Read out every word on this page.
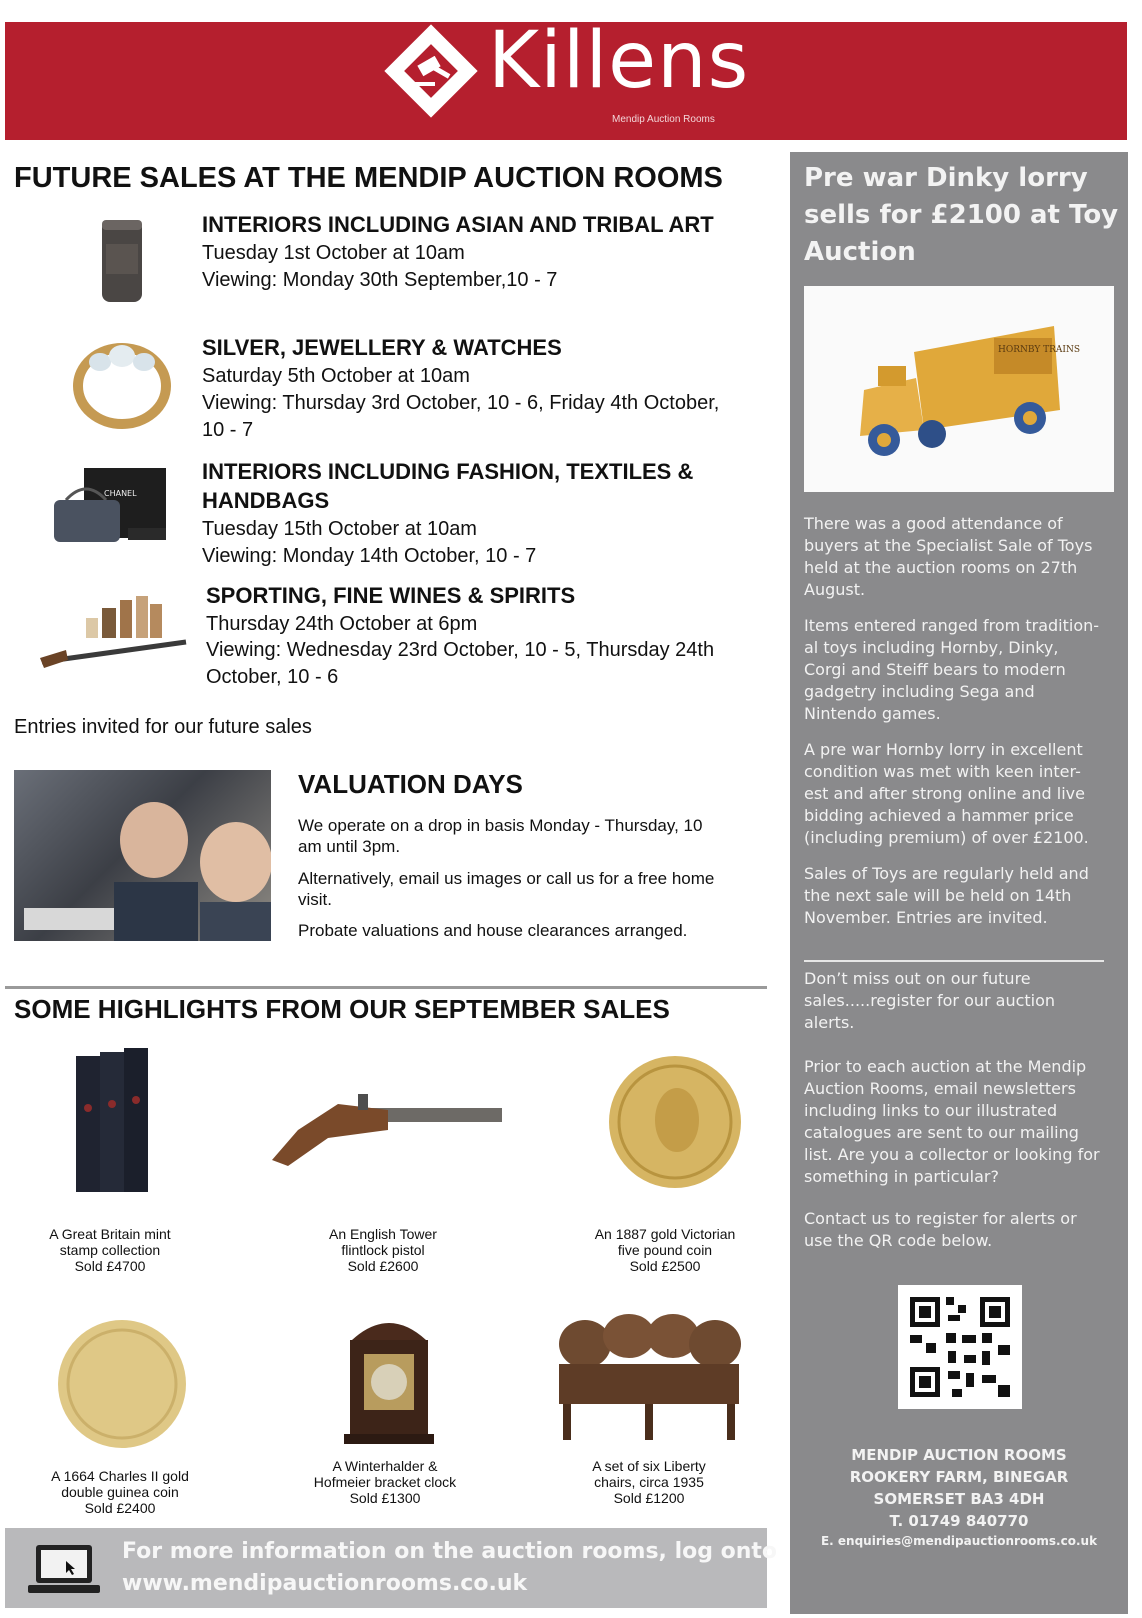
Killens
Mendip Auction Rooms
FUTURE SALES AT THE MENDIP AUCTION ROOMS
INTERIORS INCLUDING ASIAN AND TRIBAL ART
Tuesday 1st October at 10am
Viewing: Monday 30th September,10 - 7
SILVER, JEWELLERY & WATCHES
Saturday 5th October at 10am
Viewing: Thursday 3rd October, 10 - 6, Friday 4th October,
10 - 7
CHANEL
INTERIORS INCLUDING FASHION, TEXTILES &
HANDBAGS
Tuesday 15th October at 10am
Viewing: Monday 14th October, 10 - 7
SPORTING, FINE WINES & SPIRITS
Thursday 24th October at 6pm
Viewing: Wednesday 23rd October, 10 - 5, Thursday 24th
October, 10 - 6
Entries invited for our future sales
VALUATION DAYS
We operate on a drop in basis Monday - Thursday, 10
am until 3pm.
Alternatively, email us images or call us for a free home
visit.
Probate valuations and house clearances arranged.
SOME HIGHLIGHTS FROM OUR SEPTEMBER SALES
A Great Britain mint
stamp collection
Sold £4700
An English Tower
flintlock pistol
Sold £2600
An 1887 gold Victorian
five pound coin
Sold £2500
A 1664 Charles II gold
double guinea coin
Sold £2400
A Winterhalder &
Hofmeier bracket clock
Sold £1300
A set of six Liberty
chairs, circa 1935
Sold £1200
For more information on the auction rooms, log onto
www.mendipauctionrooms.co.uk
Pre war Dinky lorry
sells for £2100 at Toy
Auction
HORNBY TRAINS
There was a good attendance of
buyers at the Specialist Sale of Toys
held at the auction rooms on 27th
August.
Items entered ranged from tradition-
al toys including Hornby, Dinky,
Corgi and Steiff bears to modern
gadgetry including Sega and
Nintendo games.
A pre war Hornby lorry in excellent
condition was met with keen inter-
est and after strong online and live
bidding achieved a hammer price
(including premium) of over £2100.
Sales of Toys are regularly held and
the next sale will be held on 14th
November. Entries are invited.
Don’t miss out on our future
sales.....register for our auction
alerts.
Prior to each auction at the Mendip
Auction Rooms, email newsletters
including links to our illustrated
catalogues are sent to our mailing
list. Are you a collector or looking for
something in particular?
Contact us to register for alerts or
use the QR code below.
MENDIP AUCTION ROOMS
ROOKERY FARM, BINEGAR
SOMERSET BA3 4DH
T. 01749 840770
E. enquiries@mendipauctionrooms.co.uk
